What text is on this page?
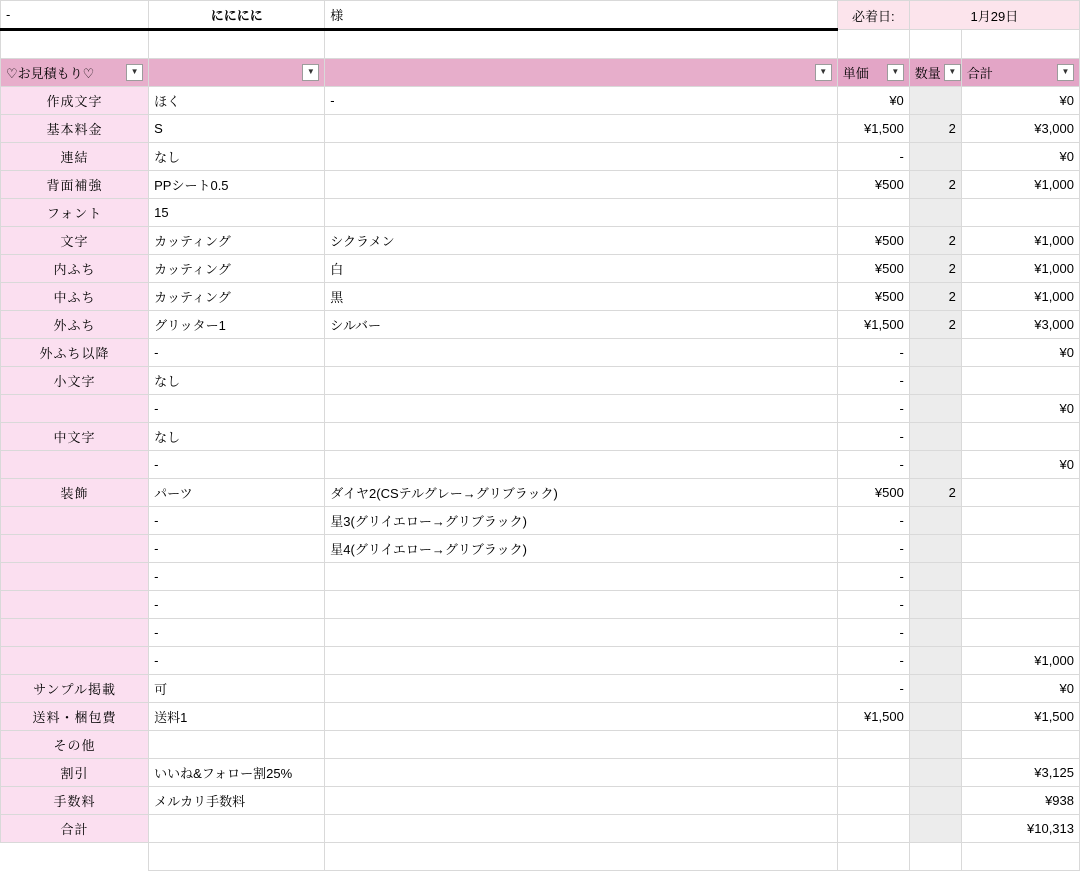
-	にににに	様	必着日:	1月29日	

♡お見積もり♡ ▼	▼	▼	単価 ▼	数量 ▼	合計 ▼

作成文字	ほく	-	¥0		¥0
基本料金	S		¥1,500	2	¥3,000
連結	なし		-		¥0
背面補強	PPシート0.5		¥500	2	¥1,000
フォント	15				
文字	カッティング	シクラメン	¥500	2	¥1,000
内ふち	カッティング	白	¥500	2	¥1,000
中ふち	カッティング	黒	¥500	2	¥1,000
外ふち	グリッター1	シルバー	¥1,500	2	¥3,000
外ふち以降	-		-		¥0
小文字	なし		-		
	-		-		¥0
中文字	なし		-		
	-		-		¥0
装飾	パーツ	ダイヤ2(CSテルグレー→グリブラック)	¥500	2	
	-	星3(グリイエロー→グリブラック)	-		
	-	星4(グリイエロー→グリブラック)	-		
	-		-		
	-		-		
	-		-		
	-		-		¥1,000
サンプル掲載	可		-		¥0
送料・梱包費	送料1		¥1,500		¥1,500
その他					
割引	いいね&フォロー割25%				¥3,125
手数料	メルカリ手数料				¥938
合計					¥10,313
